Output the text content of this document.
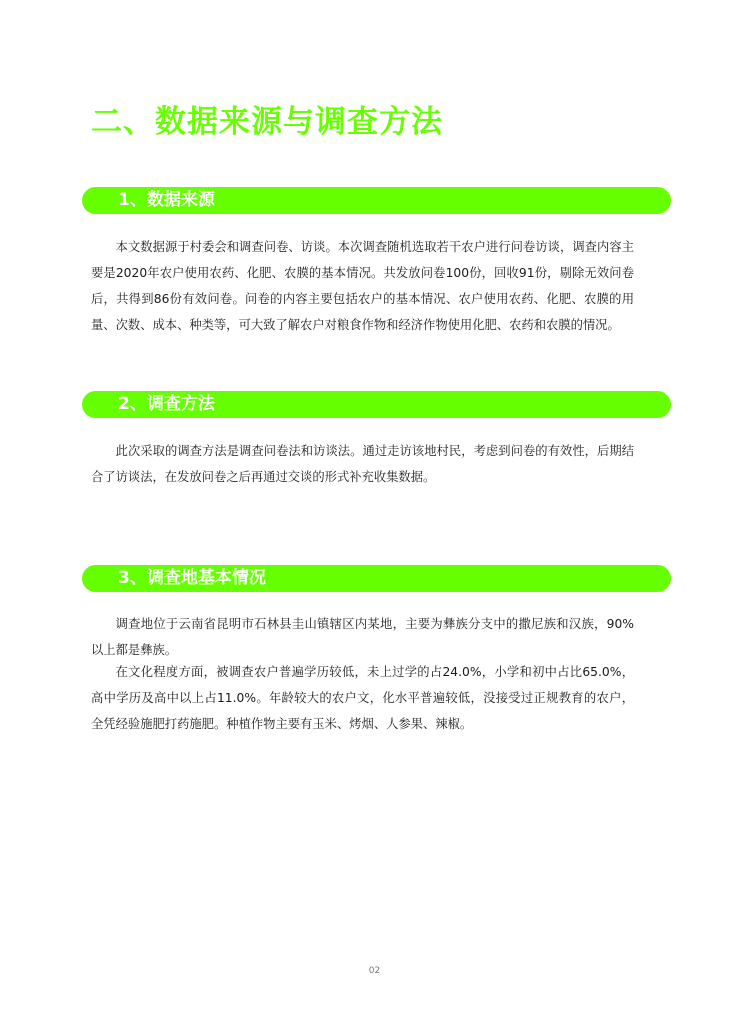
二、数据来源与调查方法
1、数据来源

本文数据源于村委会和调查问卷、访谈。本次调查随机选取若干农户进行问卷访谈，调查内容主要是2020年农户使用农药、化肥、农膜的基本情况。共发放问卷100份，回收91份，剔除无效问卷后，共得到86份有效问卷。问卷的内容主要包括农户的基本情况、农户使用农药、化肥、农膜的用量、次数、成本、种类等，可大致了解农户对粮食作物和经济作物使用化肥、农药和农膜的情况。

2、调查方法

此次采取的调查方法是调查问卷法和访谈法。通过走访该地村民，考虑到问卷的有效性，后期结合了访谈法，在发放问卷之后再通过交谈的形式补充收集数据。

3、调查地基本情况

调查地位于云南省昆明市石林县圭山镇辖区内某地，主要为彝族分支中的撒尼族和汉族，90%以上都是彝族。

在文化程度方面，被调查农户普遍学历较低，未上过学的占24.0%，小学和初中占比65.0%，高中学历及高中以上占11.0%。年龄较大的农户文，化水平普遍较低，没接受过正规教育的农户，全凭经验施肥打药施肥。种植作物主要有玉米、烤烟、人参果、辣椒。

02
